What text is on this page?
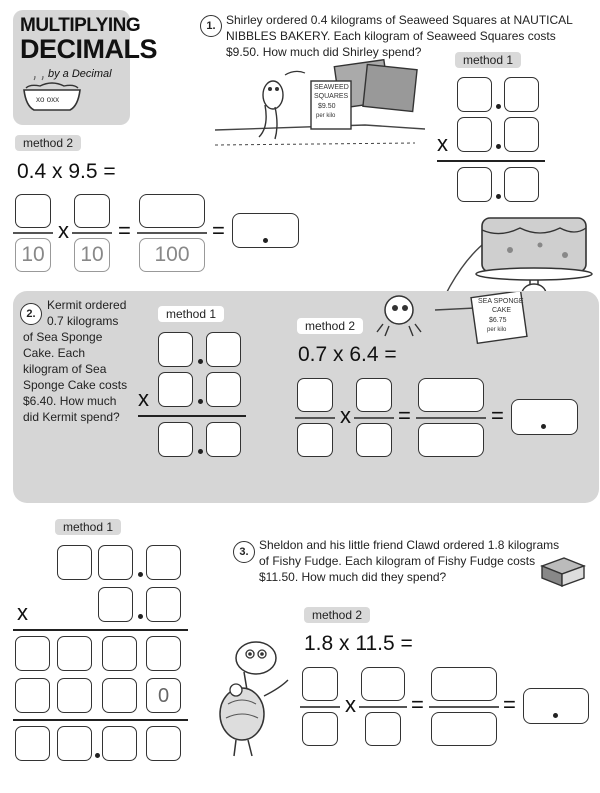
MULTIPLYING
DECIMALS
by a Decimal
xo oxx
1. Shirley ordered 0.4 kilograms of Seaweed Squares at NAUTICAL
NIBBLES BAKERY. Each kilogram of Seaweed Squares costs
$9.50. How much did Shirley spend?
SEAWEED
SQUARES
$9.50
per kilo
method 1
x
method 2
0.4 x 9.5 =
10
x
10
=
100
=
SEA SPONGE
CAKE
$6.75
per kilo
2.
Kermit ordered
0.7 kilograms
of Sea Sponge
Cake. Each
kilogram of Sea
Sponge Cake costs
$6.40. How much
did Kermit spend?
method 1
x
method 2
0.7 x 6.4 =
x =	=
3. Sheldon and his little friend Clawd ordered 1.8 kilograms
of Fishy Fudge. Each kilogram of Fishy Fudge costs
$11.50. How much did they spend?
method 1
x
0
method 2
1.8 x 11.5 =
x	=	=
